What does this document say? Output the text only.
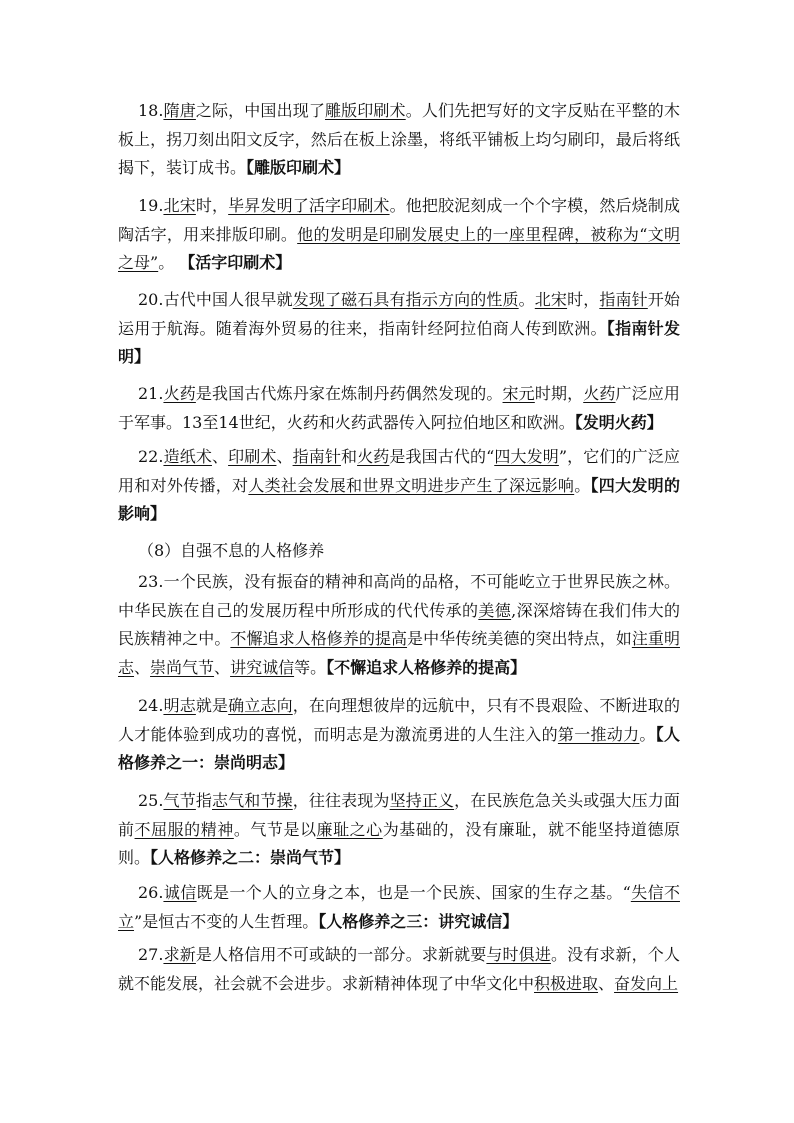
18.隋唐之际，中国出现了雕版印刷术。人们先把写好的文字反贴在平整的木板上，拐刀刻出阳文反字，然后在板上涂墨，将纸平铺板上均匀刷印，最后将纸揭下，装订成书。【雕版印刷术】

19.北宋时，毕昇发明了活字印刷术。他把胶泥刻成一个个字模，然后烧制成陶活字，用来排版印刷。他的发明是印刷发展史上的一座里程碑，被称为“文明之母”。 【活字印刷术】

20.古代中国人很早就发现了磁石具有指示方向的性质。北宋时，指南针开始运用于航海。随着海外贸易的往来，指南针经阿拉伯商人传到欧洲。【指南针发明】

21.火药是我国古代炼丹家在炼制丹药偶然发现的。宋元时期，火药广泛应用于军事。13至14世纪，火药和火药武器传入阿拉伯地区和欧洲。【发明火药】

22.造纸术、印刷术、指南针和火药是我国古代的“四大发明”，它们的广泛应用和对外传播，对人类社会发展和世界文明进步产生了深远影响。【四大发明的影响】

（8）自强不息的人格修养

23.一个民族，没有振奋的精神和高尚的品格，不可能屹立于世界民族之林。中华民族在自己的发展历程中所形成的代代传承的美德,深深熔铸在我们伟大的民族精神之中。不懈追求人格修养的提高是中华传统美德的突出特点，如注重明志、崇尚气节、讲究诚信等。【不懈追求人格修养的提高】

24.明志就是确立志向，在向理想彼岸的远航中，只有不畏艰险、不断进取的人才能体验到成功的喜悦，而明志是为激流勇进的人生注入的第一推动力。【人格修养之一：崇尚明志】

25.气节指志气和节操，往往表现为坚持正义，在民族危急关头或强大压力面前不屈服的精神。气节是以廉耻之心为基础的，没有廉耻，就不能坚持道德原则。【人格修养之二：崇尚气节】

26.诚信既是一个人的立身之本，也是一个民族、国家的生存之基。“失信不立”是恒古不变的人生哲理。【人格修养之三：讲究诚信】

27.求新是人格信用不可或缺的一部分。求新就要与时俱进。没有求新，个人就不能发展，社会就不会进步。求新精神体现了中华文化中积极进取、奋发向上
